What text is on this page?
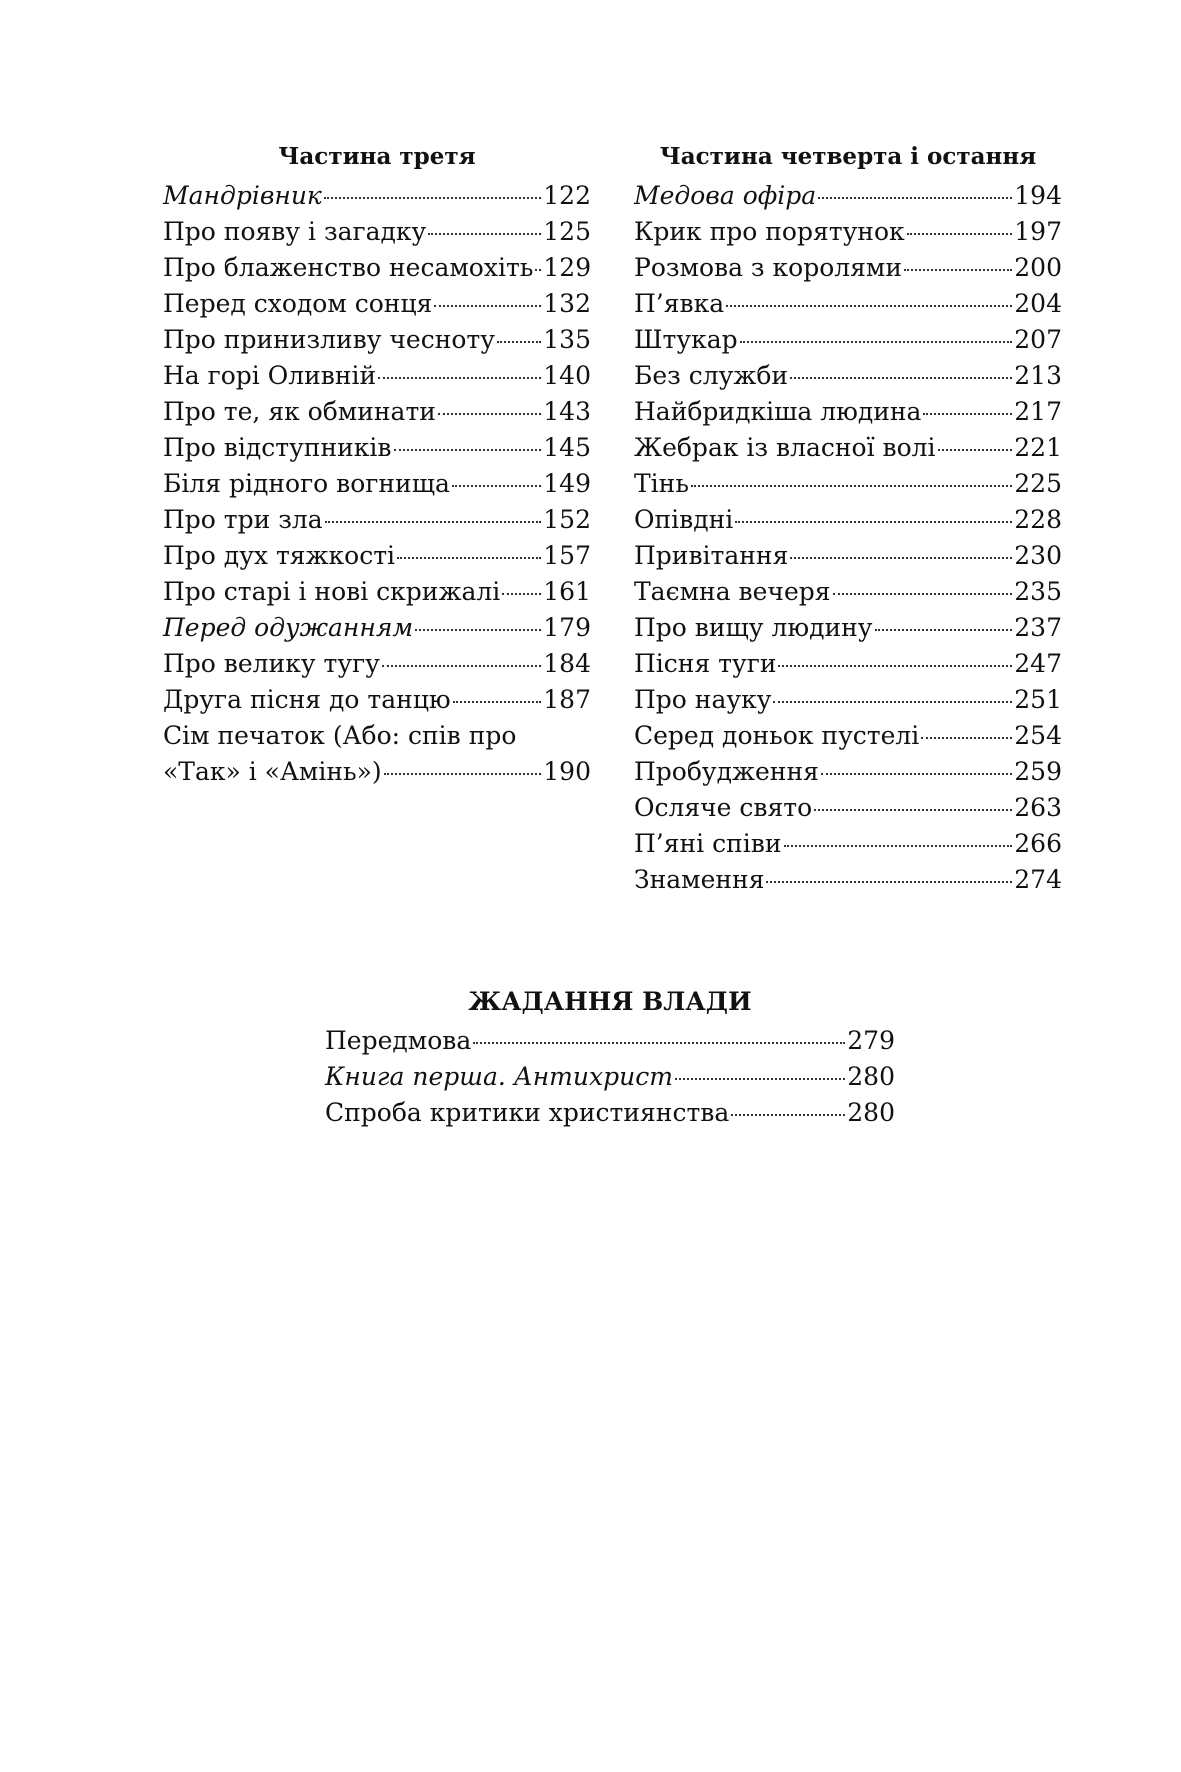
Частина третя
Мандрівник	122
Про появу і загадку	125
Про блаженство несамохіть 129
Перед сходом сонця	132
Про принизливу чесноту 135
На горі Оливній	140
Про те, як обминати	143
Про відступників	145
Біля рідного вогнища	149
Про три зла	152
Про дух тяжкості	157
Про старі і нові скрижалі 161
Перед одужанням	179
Про велику тугу	184
Друга пісня до танцю	187
Сім печаток (Або: спів про
«Так» і «Амінь»)	190
Частина четверта і остання
Медова офіра	194
Крик про порятунок	197
Розмова з королями	200
П’явка	204
Штукар	207
Без служби	213
Найбридкіша людина	217
Жебрак із власної волі	221
Тінь	225
Опівдні	228
Привітання	230
Таємна вечеря	235
Про вищу людину	237
Пісня туги	247
Про науку	251
Серед доньок пустелі	254
Пробудження	259
Осляче свято	263
П’яні співи	266
Знамення	274
ЖАДАННЯ ВЛАДИ
Передмова	279
Книга перша. Антихрист	280
Спроба критики християнства	280
